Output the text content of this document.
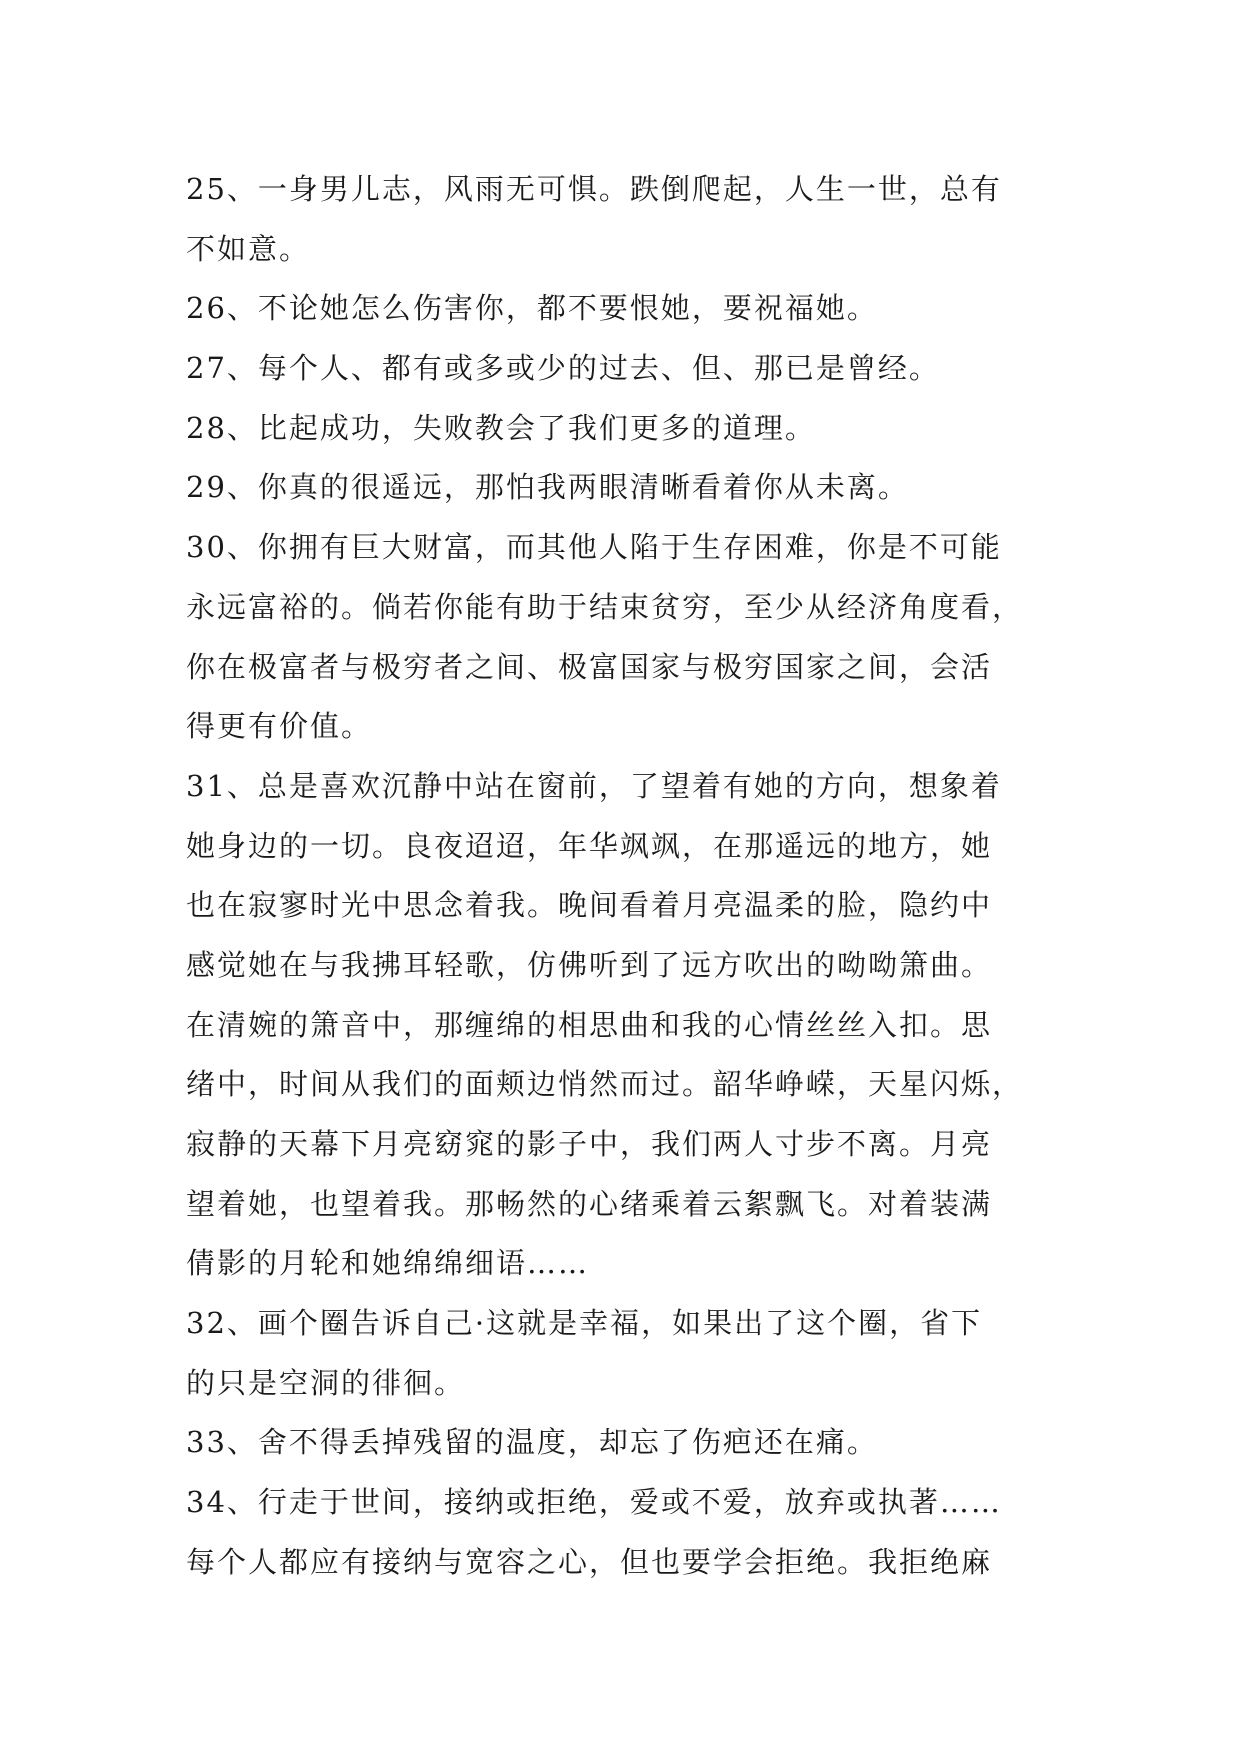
25、一身男儿志，风雨无可惧。跌倒爬起，人生一世，总有
不如意。
26、不论她怎么伤害你，都不要恨她，要祝福她。
27、每个人、都有或多或少的过去、但、那已是曾经。
28、比起成功，失败教会了我们更多的道理。
29、你真的很遥远，那怕我两眼清晰看着你从未离。
30、你拥有巨大财富，而其他人陷于生存困难，你是不可能
永远富裕的。倘若你能有助于结束贫穷，至少从经济角度看，
你在极富者与极穷者之间、极富国家与极穷国家之间，会活
得更有价值。
31、总是喜欢沉静中站在窗前，了望着有她的方向，想象着
她身边的一切。良夜迢迢，年华飒飒，在那遥远的地方，她
也在寂寥时光中思念着我。晚间看着月亮温柔的脸，隐约中
感觉她在与我拂耳轻歌，仿佛听到了远方吹出的呦呦箫曲。
在清婉的箫音中，那缠绵的相思曲和我的心情丝丝入扣。思
绪中，时间从我们的面颊边悄然而过。韶华峥嵘，天星闪烁，
寂静的天幕下月亮窈窕的影子中，我们两人寸步不离。月亮
望着她，也望着我。那畅然的心绪乘着云絮飘飞。对着装满
倩影的月轮和她绵绵细语……
32、画个圈告诉自己·这就是幸福，如果出了这个圈，省下
的只是空洞的徘徊。
33、舍不得丢掉残留的温度，却忘了伤疤还在痛。
34、行走于世间，接纳或拒绝，爱或不爱，放弃或执著……
每个人都应有接纳与宽容之心，但也要学会拒绝。我拒绝麻
